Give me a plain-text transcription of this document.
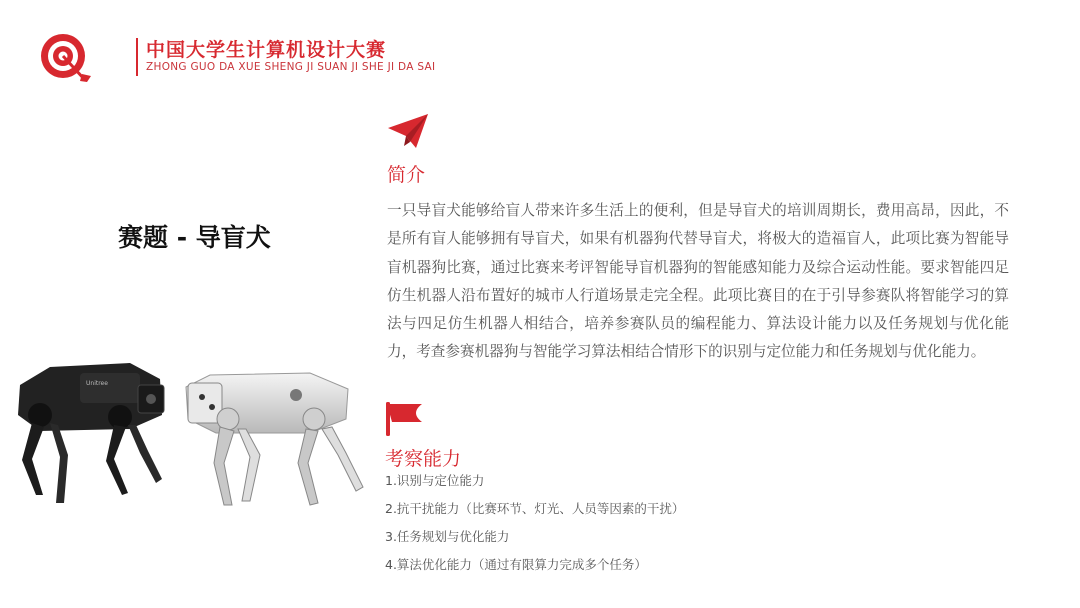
中国大学生计算机设计大赛
ZHONG GUO DA XUE SHENG JI SUAN JI SHE JI DA SAI
赛题 - 导盲犬
Unitree
简介
一只导盲犬能够给盲人带来许多生活上的便利，但是导盲犬的培训周期长，费用高昂，因此，不是所有盲人能够拥有导盲犬，如果有机器狗代替导盲犬，将极大的造福盲人，此项比赛为智能导盲机器狗比赛，通过比赛来考评智能导盲机器狗的智能感知能力及综合运动性能。要求智能四足仿生机器人沿布置好的城市人行道场景走完全程。此项比赛目的在于引导参赛队将智能学习的算法与四足仿生机器人相结合，培养参赛队员的编程能力、算法设计能力以及任务规划与优化能力，考查参赛机器狗与智能学习算法相结合情形下的识别与定位能力和任务规划与优化能力。
考察能力
1.识别与定位能力
2.抗干扰能力（比赛环节、灯光、人员等因素的干扰）
3.任务规划与优化能力
4.算法优化能力（通过有限算力完成多个任务）
